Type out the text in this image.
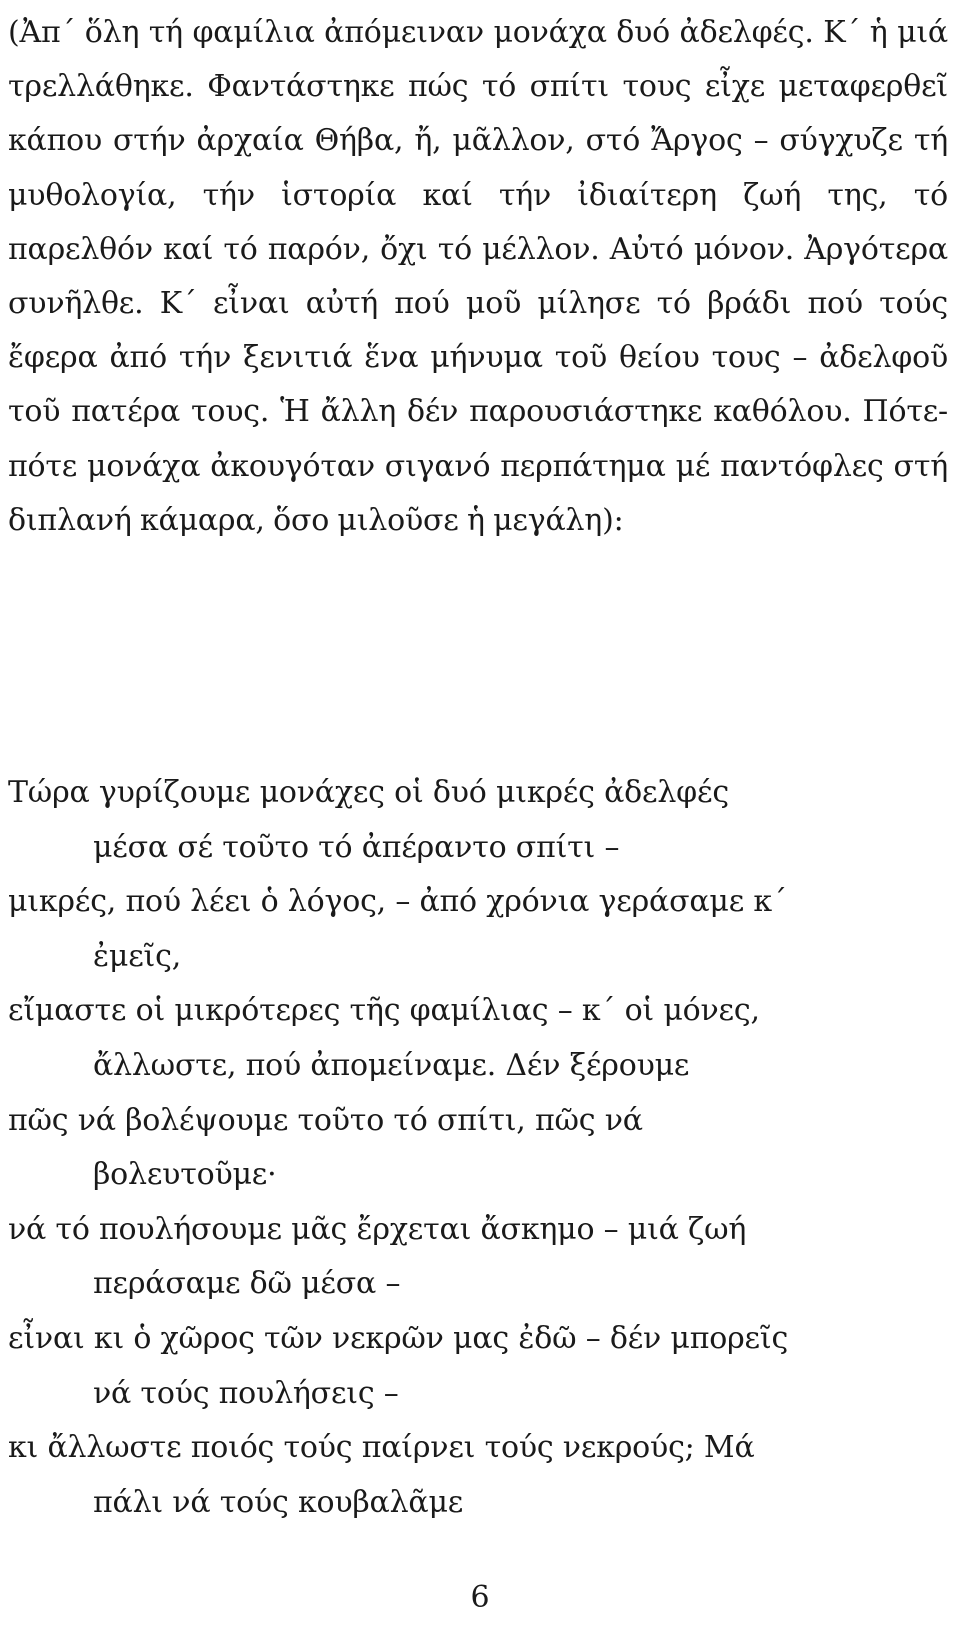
(Ἀπ΄ ὅλη τή φαμίλια ἀπόμειναν μονάχα δυό ἀδελφές. Κ΄ ἡ μιά τρελλάθηκε. Φαντάστηκε πώς τό σπίτι τους εἶχε μεταφερθεῖ κάπου στήν ἀρχαία Θήβα, ἤ, μᾶλλον, στό Ἄργος – σύγχυζε τή μυθολογία, τήν ἱστορία καί τήν ἰδιαίτερη ζωή της, τό παρελθόν καί τό παρόν, ὄχι τό μέλλον. Αὐτό μόνον. Ἀργότερα συνῆλθε. Κ΄ εἶναι αὐτή πού μοῦ μίλησε τό βράδι πού τούς ἔφερα ἀπό τήν ξενιτιά ἕνα μήνυμα τοῦ θείου τους – ἀδελφοῦ τοῦ πατέρα τους. Ἡ ἄλλη δέν παρουσιάστηκε καθόλου. Πότε-πότε μονάχα ἀκουγόταν σιγανό περπάτημα μέ παντόφλες στή διπλανή κάμαρα, ὅσο μιλοῦσε ἡ μεγάλη):

Τώρα γυρίζουμε μονάχες οἱ δυό μικρές ἀδελφές
μέσα σέ τοῦτο τό ἀπέραντο σπίτι –
μικρές, πού λέει ὁ λόγος, – ἀπό χρόνια γεράσαμε κ΄
ἐμεῖς,
εἴμαστε οἱ μικρότερες τῆς φαμίλιας – κ΄ οἱ μόνες,
ἄλλωστε, πού ἀπομείναμε. Δέν ξέρουμε
πῶς νά βολέψουμε τοῦτο τό σπίτι, πῶς νά
βολευτοῦμε·
νά τό πουλήσουμε μᾶς ἔρχεται ἄσκημο – μιά ζωή
περάσαμε δῶ μέσα –
εἶναι κι ὁ χῶρος τῶν νεκρῶν μας ἐδῶ – δέν μπορεῖς
νά τούς πουλήσεις –
κι ἄλλωστε ποιός τούς παίρνει τούς νεκρούς; Μά
πάλι νά τούς κουβαλᾶμε
6
